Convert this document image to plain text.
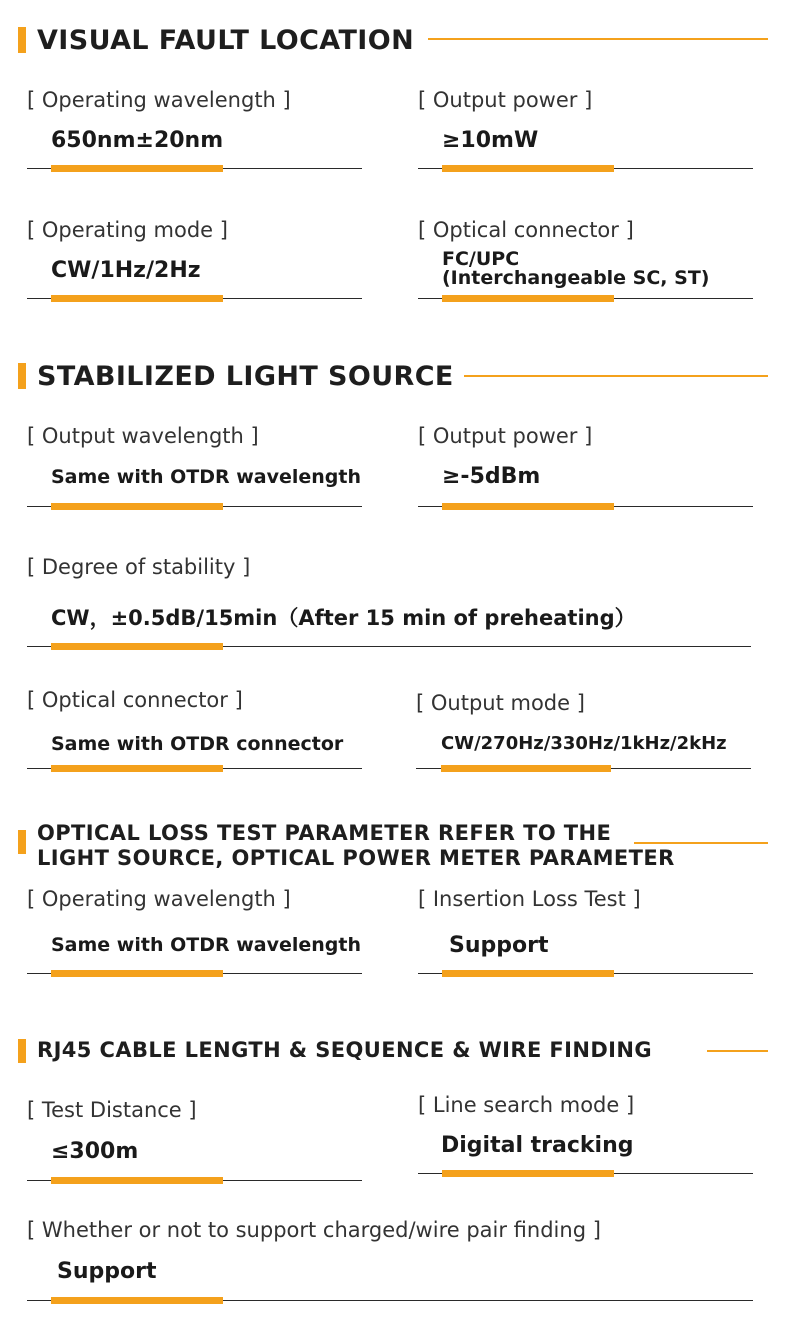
VISUAL FAULT LOCATION
[ Operating wavelength ]
650nm±20nm
[ Output power ]
≥10mW
[ Operating mode ]
CW/1Hz/2Hz
[ Optical connector ]
FC/UPC
(Interchangeable SC, ST)
STABILIZED LIGHT SOURCE
[ Output wavelength ]
Same with OTDR wavelength
[ Output power ]
≥-5dBm
[ Degree of stability ]
CW，±0.5dB/15min（After 15 min of preheating）
[ Optical connector ]
Same with OTDR connector
[ Output mode ]
CW/270Hz/330Hz/1kHz/2kHz
OPTICAL LOSS TEST PARAMETER REFER TO THE
LIGHT SOURCE, OPTICAL POWER METER PARAMETER
[ Operating wavelength ]
Same with OTDR wavelength
[ Insertion Loss Test ]
Support
RJ45 CABLE LENGTH & SEQUENCE & WIRE FINDING
[ Test Distance ]
≤300m
[ Line search mode ]
Digital tracking
[ Whether or not to support charged/wire pair finding ]
Support
